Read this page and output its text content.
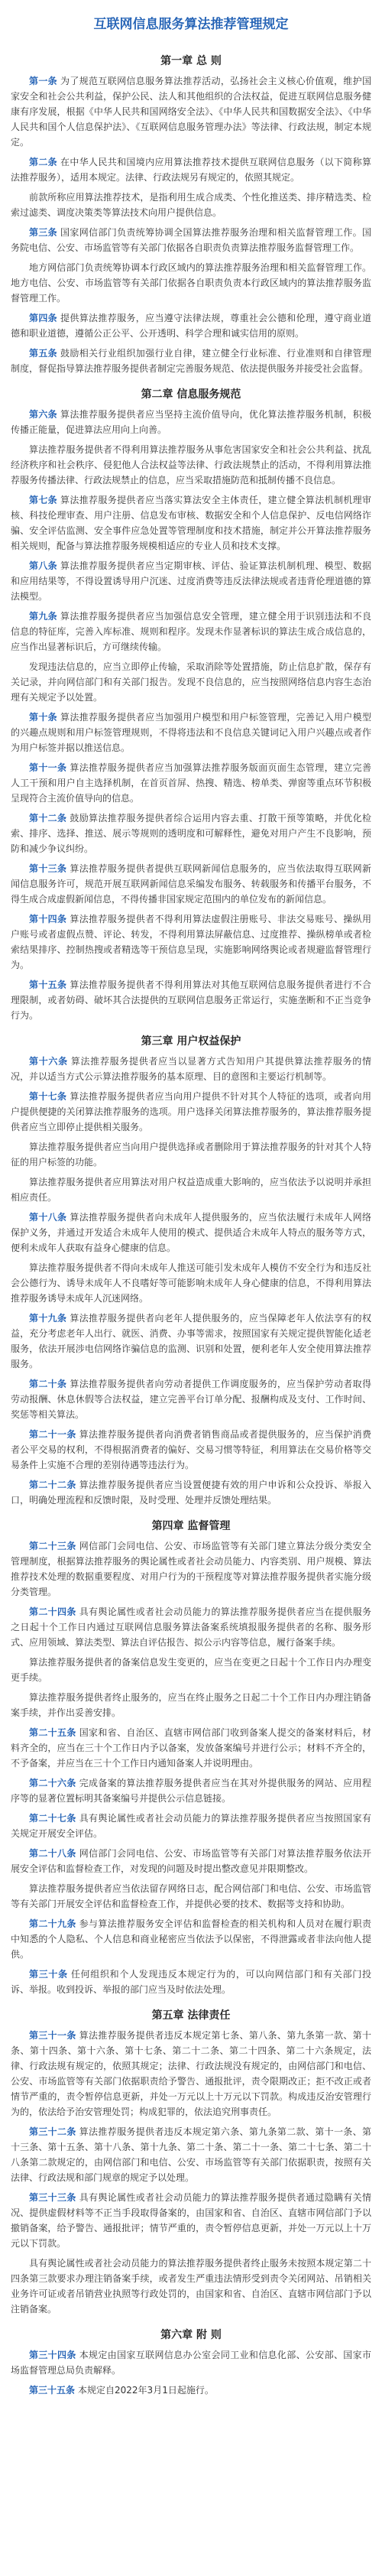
互联网信息服务算法推荐管理规定
第一章 总 则

第一条 为了规范互联网信息服务算法推荐活动，弘扬社会主义核心价值观，维护国家安全和社会公共利益，保护公民、法人和其他组织的合法权益，促进互联网信息服务健康有序发展，根据《中华人民共和国网络安全法》、《中华人民共和国数据安全法》、《中华人民共和国个人信息保护法》、《互联网信息服务管理办法》等法律、行政法规，制定本规定。

第二条 在中华人民共和国境内应用算法推荐技术提供互联网信息服务（以下简称算法推荐服务），适用本规定。法律、行政法规另有规定的，依照其规定。

前款所称应用算法推荐技术，是指利用生成合成类、个性化推送类、排序精选类、检索过滤类、调度决策类等算法技术向用户提供信息。

第三条 国家网信部门负责统筹协调全国算法推荐服务治理和相关监督管理工作。国务院电信、公安、市场监管等有关部门依据各自职责负责算法推荐服务监督管理工作。

地方网信部门负责统筹协调本行政区域内的算法推荐服务治理和相关监督管理工作。地方电信、公安、市场监管等有关部门依据各自职责负责本行政区域内的算法推荐服务监督管理工作。

第四条 提供算法推荐服务，应当遵守法律法规，尊重社会公德和伦理，遵守商业道德和职业道德，遵循公正公平、公开透明、科学合理和诚实信用的原则。

第五条 鼓励相关行业组织加强行业自律，建立健全行业标准、行业准则和自律管理制度，督促指导算法推荐服务提供者制定完善服务规范、依法提供服务并接受社会监督。

第二章 信息服务规范

第六条 算法推荐服务提供者应当坚持主流价值导向，优化算法推荐服务机制，积极传播正能量，促进算法应用向上向善。

算法推荐服务提供者不得利用算法推荐服务从事危害国家安全和社会公共利益、扰乱经济秩序和社会秩序、侵犯他人合法权益等法律、行政法规禁止的活动，不得利用算法推荐服务传播法律、行政法规禁止的信息，应当采取措施防范和抵制传播不良信息。

第七条 算法推荐服务提供者应当落实算法安全主体责任，建立健全算法机制机理审核、科技伦理审查、用户注册、信息发布审核、数据安全和个人信息保护、反电信网络诈骗、安全评估监测、安全事件应急处置等管理制度和技术措施，制定并公开算法推荐服务相关规则，配备与算法推荐服务规模相适应的专业人员和技术支撑。

第八条 算法推荐服务提供者应当定期审核、评估、验证算法机制机理、模型、数据和应用结果等，不得设置诱导用户沉迷、过度消费等违反法律法规或者违背伦理道德的算法模型。

第九条 算法推荐服务提供者应当加强信息安全管理，建立健全用于识别违法和不良信息的特征库，完善入库标准、规则和程序。发现未作显著标识的算法生成合成信息的，应当作出显著标识后，方可继续传输。

发现违法信息的，应当立即停止传输，采取消除等处置措施，防止信息扩散，保存有关记录，并向网信部门和有关部门报告。发现不良信息的，应当按照网络信息内容生态治理有关规定予以处置。

第十条 算法推荐服务提供者应当加强用户模型和用户标签管理，完善记入用户模型的兴趣点规则和用户标签管理规则，不得将违法和不良信息关键词记入用户兴趣点或者作为用户标签并据以推送信息。

第十一条 算法推荐服务提供者应当加强算法推荐服务版面页面生态管理，建立完善人工干预和用户自主选择机制，在首页首屏、热搜、精选、榜单类、弹窗等重点环节积极呈现符合主流价值导向的信息。

第十二条 鼓励算法推荐服务提供者综合运用内容去重、打散干预等策略，并优化检索、排序、选择、推送、展示等规则的透明度和可解释性，避免对用户产生不良影响，预防和减少争议纠纷。

第十三条 算法推荐服务提供者提供互联网新闻信息服务的，应当依法取得互联网新闻信息服务许可，规范开展互联网新闻信息采编发布服务、转载服务和传播平台服务，不得生成合成虚假新闻信息，不得传播非国家规定范围内的单位发布的新闻信息。

第十四条 算法推荐服务提供者不得利用算法虚假注册账号、非法交易账号、操纵用户账号或者虚假点赞、评论、转发，不得利用算法屏蔽信息、过度推荐、操纵榜单或者检索结果排序、控制热搜或者精选等干预信息呈现，实施影响网络舆论或者规避监督管理行为。

第十五条 算法推荐服务提供者不得利用算法对其他互联网信息服务提供者进行不合理限制，或者妨碍、破坏其合法提供的互联网信息服务正常运行，实施垄断和不正当竞争行为。

第三章 用户权益保护

第十六条 算法推荐服务提供者应当以显著方式告知用户其提供算法推荐服务的情况，并以适当方式公示算法推荐服务的基本原理、目的意图和主要运行机制等。

第十七条 算法推荐服务提供者应当向用户提供不针对其个人特征的选项，或者向用户提供便捷的关闭算法推荐服务的选项。用户选择关闭算法推荐服务的，算法推荐服务提供者应当立即停止提供相关服务。

算法推荐服务提供者应当向用户提供选择或者删除用于算法推荐服务的针对其个人特征的用户标签的功能。

算法推荐服务提供者应用算法对用户权益造成重大影响的，应当依法予以说明并承担相应责任。

第十八条 算法推荐服务提供者向未成年人提供服务的，应当依法履行未成年人网络保护义务，并通过开发适合未成年人使用的模式、提供适合未成年人特点的服务等方式，便利未成年人获取有益身心健康的信息。

算法推荐服务提供者不得向未成年人推送可能引发未成年人模仿不安全行为和违反社会公德行为、诱导未成年人不良嗜好等可能影响未成年人身心健康的信息，不得利用算法推荐服务诱导未成年人沉迷网络。

第十九条 算法推荐服务提供者向老年人提供服务的，应当保障老年人依法享有的权益，充分考虑老年人出行、就医、消费、办事等需求，按照国家有关规定提供智能化适老服务，依法开展涉电信网络诈骗信息的监测、识别和处置，便利老年人安全使用算法推荐服务。

第二十条 算法推荐服务提供者向劳动者提供工作调度服务的，应当保护劳动者取得劳动报酬、休息休假等合法权益，建立完善平台订单分配、报酬构成及支付、工作时间、奖惩等相关算法。

第二十一条 算法推荐服务提供者向消费者销售商品或者提供服务的，应当保护消费者公平交易的权利，不得根据消费者的偏好、交易习惯等特征，利用算法在交易价格等交易条件上实施不合理的差别待遇等违法行为。

第二十二条 算法推荐服务提供者应当设置便捷有效的用户申诉和公众投诉、举报入口，明确处理流程和反馈时限，及时受理、处理并反馈处理结果。

第四章 监督管理

第二十三条 网信部门会同电信、公安、市场监管等有关部门建立算法分级分类安全管理制度，根据算法推荐服务的舆论属性或者社会动员能力、内容类别、用户规模、算法推荐技术处理的数据重要程度、对用户行为的干预程度等对算法推荐服务提供者实施分级分类管理。

第二十四条 具有舆论属性或者社会动员能力的算法推荐服务提供者应当在提供服务之日起十个工作日内通过互联网信息服务算法备案系统填报服务提供者的名称、服务形式、应用领域、算法类型、算法自评估报告、拟公示内容等信息，履行备案手续。

算法推荐服务提供者的备案信息发生变更的，应当在变更之日起十个工作日内办理变更手续。

算法推荐服务提供者终止服务的，应当在终止服务之日起二十个工作日内办理注销备案手续，并作出妥善安排。

第二十五条 国家和省、自治区、直辖市网信部门收到备案人提交的备案材料后，材料齐全的，应当在三十个工作日内予以备案，发放备案编号并进行公示；材料不齐全的，不予备案，并应当在三十个工作日内通知备案人并说明理由。

第二十六条 完成备案的算法推荐服务提供者应当在其对外提供服务的网站、应用程序等的显著位置标明其备案编号并提供公示信息链接。

第二十七条 具有舆论属性或者社会动员能力的算法推荐服务提供者应当按照国家有关规定开展安全评估。

第二十八条 网信部门会同电信、公安、市场监管等有关部门对算法推荐服务依法开展安全评估和监督检查工作，对发现的问题及时提出整改意见并限期整改。

算法推荐服务提供者应当依法留存网络日志，配合网信部门和电信、公安、市场监管等有关部门开展安全评估和监督检查工作，并提供必要的技术、数据等支持和协助。

第二十九条 参与算法推荐服务安全评估和监督检查的相关机构和人员对在履行职责中知悉的个人隐私、个人信息和商业秘密应当依法予以保密，不得泄露或者非法向他人提供。

第三十条 任何组织和个人发现违反本规定行为的，可以向网信部门和有关部门投诉、举报。收到投诉、举报的部门应当及时依法处理。

第五章 法律责任

第三十一条 算法推荐服务提供者违反本规定第七条、第八条、第九条第一款、第十条、第十四条、第十六条、第十七条、第二十二条、第二十四条、第二十六条规定，法律、行政法规有规定的，依照其规定；法律、行政法规没有规定的，由网信部门和电信、公安、市场监管等有关部门依据职责给予警告、通报批评，责令限期改正；拒不改正或者情节严重的，责令暂停信息更新，并处一万元以上十万元以下罚款。构成违反治安管理行为的，依法给予治安管理处罚；构成犯罪的，依法追究刑事责任。

第三十二条 算法推荐服务提供者违反本规定第六条、第九条第二款、第十一条、第十三条、第十五条、第十八条、第十九条、第二十条、第二十一条、第二十七条、第二十八条第二款规定的，由网信部门和电信、公安、市场监管等有关部门依据职责，按照有关法律、行政法规和部门规章的规定予以处理。

第三十三条 具有舆论属性或者社会动员能力的算法推荐服务提供者通过隐瞒有关情况、提供虚假材料等不正当手段取得备案的，由国家和省、自治区、直辖市网信部门予以撤销备案，给予警告、通报批评；情节严重的，责令暂停信息更新，并处一万元以上十万元以下罚款。

具有舆论属性或者社会动员能力的算法推荐服务提供者终止服务未按照本规定第二十四条第三款要求办理注销备案手续，或者发生严重违法情形受到责令关闭网站、吊销相关业务许可证或者吊销营业执照等行政处罚的，由国家和省、自治区、直辖市网信部门予以注销备案。

第六章 附 则

第三十四条 本规定由国家互联网信息办公室会同工业和信息化部、公安部、国家市场监督管理总局负责解释。

第三十五条 本规定自2022年3月1日起施行。
